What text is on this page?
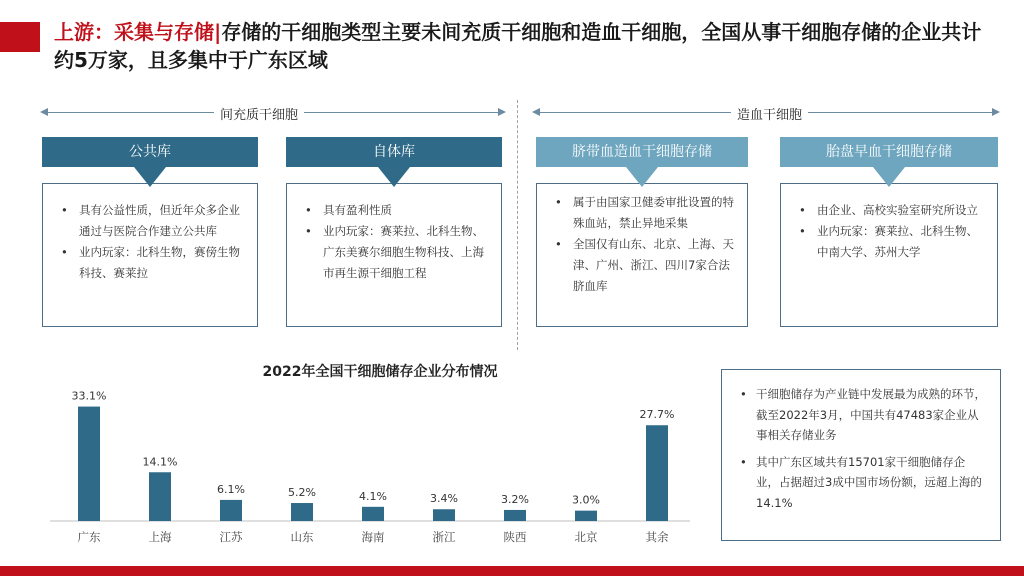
上游：采集与存储|存储的干细胞类型主要未间充质干细胞和造血干细胞，全国从事干细胞存储的企业共计约5万家，且多集中于广东区域
间充质干细胞	造血干细胞
公共库
• 具有公益性质，但近年众多企业通过与医院合作建立公共库
• 业内玩家：北科生物，赛傍生物科技、赛莱拉
自体库
• 具有盈利性质
• 业内玩家：赛莱拉、北科生物、广东美赛尔细胞生物科技、上海市再生源干细胞工程
脐带血造血干细胞存储
• 属于由国家卫健委审批设置的特殊血站，禁止异地采集
• 全国仅有山东、北京、上海、天津、广州、浙江、四川7家合法脐血库
胎盘早血干细胞存储
• 由企业、高校实验室研究所设立
• 业内玩家：赛莱拉、北科生物、中南大学、苏州大学
2022年全国干细胞储存企业分布情况
33.1%
广东
14.1%
上海
6.1%
江苏
5.2%
山东
4.1%
海南
3.4%
浙江
3.2%
陕西
3.0%
北京
27.7%
其余
• 干细胞储存为产业链中发展最为成熟的环节，截至2022年3月，中国共有47483家企业从事相关存储业务
• 其中广东区域共有15701家干细胞储存企业，占据超过3成中国市场份额，远超上海的14.1%
